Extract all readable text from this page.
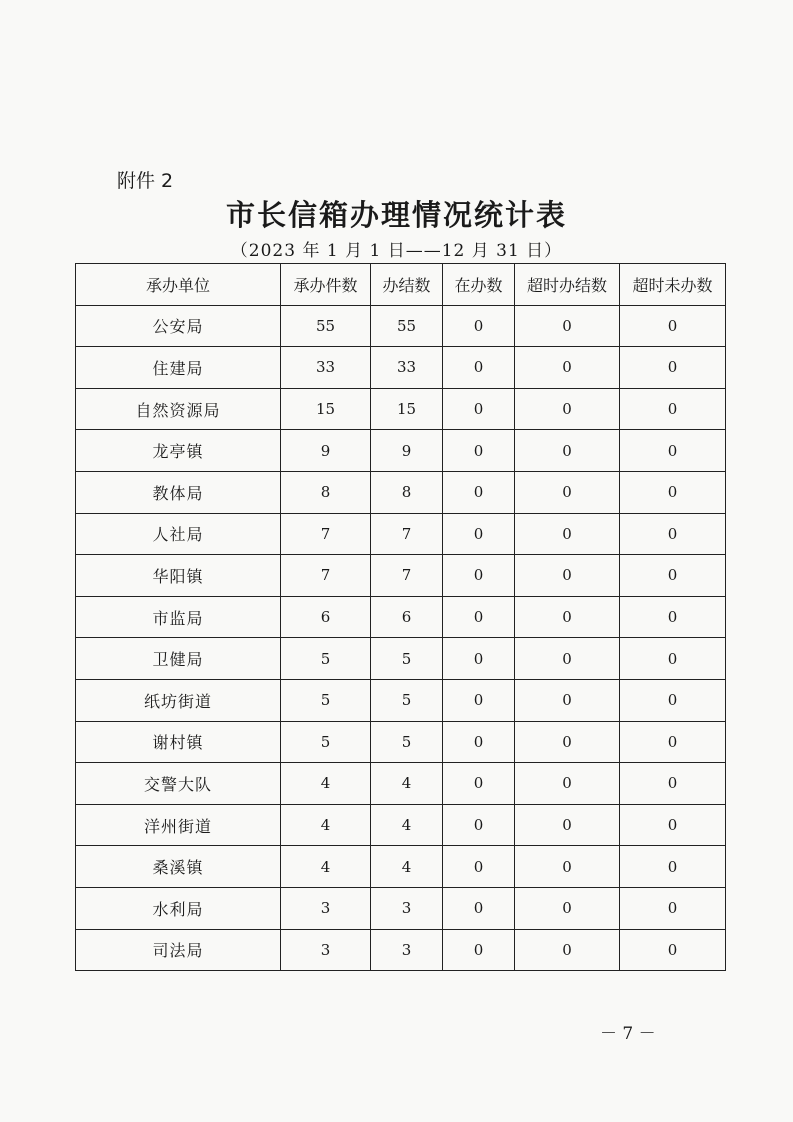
附件 2
市长信箱办理情况统计表
（2023 年 1 月 1 日——12 月 31 日）
承办单位	承办件数	办结数	在办数	超时办结数	超时未办数
公安局	55	55	0	0	0
住建局	33	33	0	0	0
自然资源局	15	15	0	0	0
龙亭镇	9	9	0	0	0
教体局	8	8	0	0	0
人社局	7	7	0	0	0
华阳镇	7	7	0	0	0
市监局	6	6	0	0	0
卫健局	5	5	0	0	0
纸坊街道	5	5	0	0	0
谢村镇	5	5	0	0	0
交警大队	4	4	0	0	0
洋州街道	4	4	0	0	0
桑溪镇	4	4	0	0	0
水利局	3	3	0	0	0
司法局	3	3	0	0	0
－ 7 －
